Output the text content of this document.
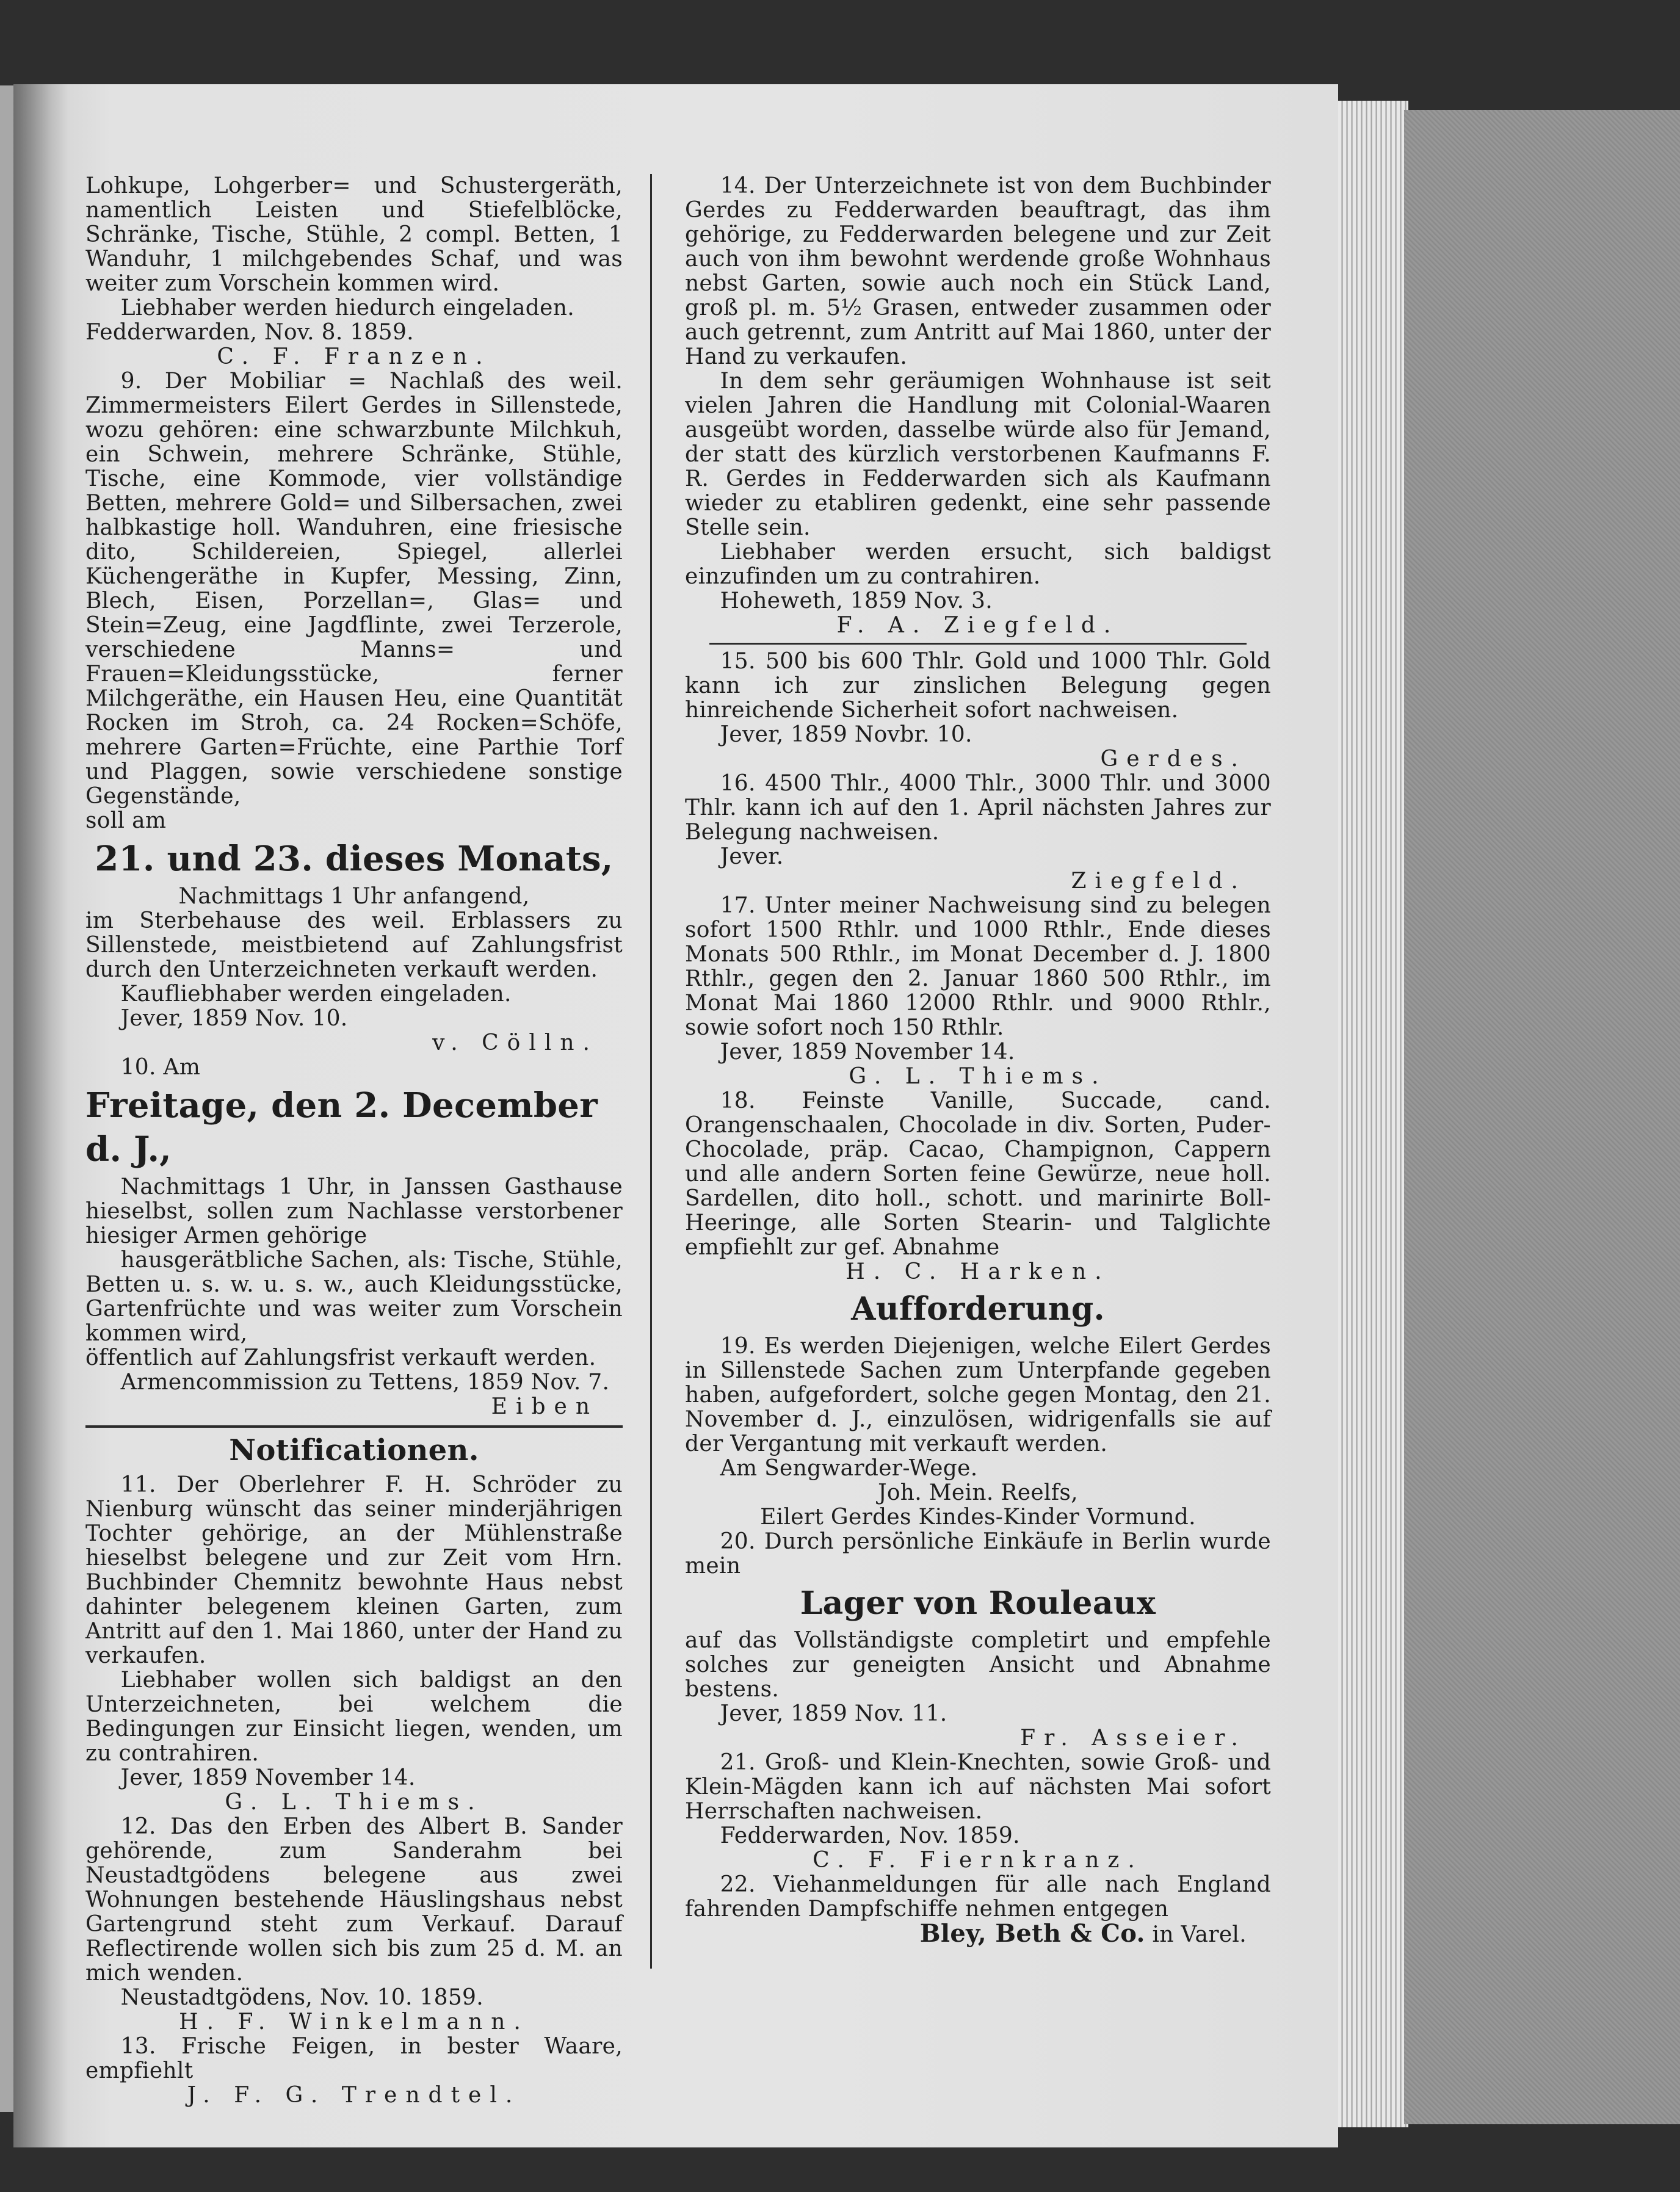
Lohkupe, Lohgerber= und Schustergeräth, namentlich Leisten und Stiefelblöcke, Schränke, Tische, Stühle, 2 compl. Betten, 1 Wanduhr, 1 milchgebendes Schaf, und was weiter zum Vorschein kommen wird.

Liebhaber werden hiedurch eingeladen.

Fedderwarden, Nov. 8. 1859.

C. F. Franzen.

9. Der Mobiliar = Nachlaß des weil. Zimmermeisters Eilert Gerdes in Sillenstede, wozu gehören: eine schwarzbunte Milchkuh, ein Schwein, mehrere Schränke, Stühle, Tische, eine Kommode, vier vollständige Betten, mehrere Gold= und Silbersachen, zwei halbkastige holl. Wanduhren, eine friesische dito, Schildereien, Spiegel, allerlei Küchengeräthe in Kupfer, Messing, Zinn, Blech, Eisen, Porzellan=, Glas= und Stein=Zeug, eine Jagdflinte, zwei Terzerole, verschiedene Manns= und Frauen=Kleidungsstücke, ferner Milchgeräthe, ein Hausen Heu, eine Quantität Rocken im Stroh, ca. 24 Rocken=Schöfe, mehrere Garten=Früchte, eine Parthie Torf und Plaggen, sowie verschiedene sonstige Gegenstände,

soll am

21. und 23. dieses Monats,

Nachmittags 1 Uhr anfangend,

im Sterbehause des weil. Erblassers zu Sillenstede, meistbietend auf Zahlungsfrist durch den Unterzeichneten verkauft werden.

Kaufliebhaber werden eingeladen.

Jever, 1859 Nov. 10.

v. Cölln.

10. Am

Freitage, den 2. December d. J.,

Nachmittags 1 Uhr, in Janssen Gasthause hieselbst, sollen zum Nachlasse verstorbener hiesiger Armen gehörige

hausgerätbliche Sachen, als: Tische, Stühle, Betten u. s. w. u. s. w., auch Kleidungsstücke, Gartenfrüchte und was weiter zum Vorschein kommen wird,

öffentlich auf Zahlungsfrist verkauft werden.

Armencommission zu Tettens, 1859 Nov. 7.

Eiben

Notificationen.

11. Der Oberlehrer F. H. Schröder zu Nienburg wünscht das seiner minderjährigen Tochter gehörige, an der Mühlenstraße hieselbst belegene und zur Zeit vom Hrn. Buchbinder Chemnitz bewohnte Haus nebst dahinter belegenem kleinen Garten, zum Antritt auf den 1. Mai 1860, unter der Hand zu verkaufen.

Liebhaber wollen sich baldigst an den Unterzeichneten, bei welchem die Bedingungen zur Einsicht liegen, wenden, um zu contrahiren.

Jever, 1859 November 14.

G. L. Thiems.

12. Das den Erben des Albert B. Sander gehörende, zum Sanderahm bei Neustadtgödens belegene aus zwei Wohnungen bestehende Häuslingshaus nebst Gartengrund steht zum Verkauf. Darauf Reflectirende wollen sich bis zum 25 d. M. an mich wenden.

Neustadtgödens, Nov. 10. 1859.

H. F. Winkelmann.

13. Frische Feigen, in bester Waare, empfiehlt

J. F. G. Trendtel.

14. Der Unterzeichnete ist von dem Buchbinder Gerdes zu Fedderwarden beauftragt, das ihm gehörige, zu Fedderwarden belegene und zur Zeit auch von ihm bewohnt werdende große Wohnhaus nebst Garten, sowie auch noch ein Stück Land, groß pl. m. 5½ Grasen, entweder zusammen oder auch getrennt, zum Antritt auf Mai 1860, unter der Hand zu verkaufen.

In dem sehr geräumigen Wohnhause ist seit vielen Jahren die Handlung mit Colonial-Waaren ausgeübt worden, dasselbe würde also für Jemand, der statt des kürzlich verstorbenen Kaufmanns F. R. Gerdes in Fedderwarden sich als Kaufmann wieder zu etabliren gedenkt, eine sehr passende Stelle sein.

Liebhaber werden ersucht, sich baldigst einzufinden um zu contrahiren.

Hoheweth, 1859 Nov. 3.

F. A. Ziegfeld.

15. 500 bis 600 Thlr. Gold und 1000 Thlr. Gold kann ich zur zinslichen Belegung gegen hinreichende Sicherheit sofort nachweisen.

Jever, 1859 Novbr. 10.

Gerdes.

16. 4500 Thlr., 4000 Thlr., 3000 Thlr. und 3000 Thlr. kann ich auf den 1. April nächsten Jahres zur Belegung nachweisen.

Jever.

Ziegfeld.

17. Unter meiner Nachweisung sind zu belegen sofort 1500 Rthlr. und 1000 Rthlr., Ende dieses Monats 500 Rthlr., im Monat December d. J. 1800 Rthlr., gegen den 2. Januar 1860 500 Rthlr., im Monat Mai 1860 12000 Rthlr. und 9000 Rthlr., sowie sofort noch 150 Rthlr.

Jever, 1859 November 14.

G. L. Thiems.

18. Feinste Vanille, Succade, cand. Orangenschaalen, Chocolade in div. Sorten, Puder-Chocolade, präp. Cacao, Champignon, Cappern und alle andern Sorten feine Gewürze, neue holl. Sardellen, dito holl., schott. und marinirte Boll-Heeringe, alle Sorten Stearin- und Talglichte empfiehlt zur gef. Abnahme

H. C. Harken.

Aufforderung.

19. Es werden Diejenigen, welche Eilert Gerdes in Sillenstede Sachen zum Unterpfande gegeben haben, aufgefordert, solche gegen Montag, den 21. November d. J., einzulösen, widrigenfalls sie auf der Vergantung mit verkauft werden.

Am Sengwarder-Wege.

Joh. Mein. Reelfs,

Eilert Gerdes Kindes-Kinder Vormund.

20. Durch persönliche Einkäufe in Berlin wurde mein

Lager von Rouleaux

auf das Vollständigste completirt und empfehle solches zur geneigten Ansicht und Abnahme bestens.

Jever, 1859 Nov. 11.

Fr. Asseier.

21. Groß- und Klein-Knechten, sowie Groß- und Klein-Mägden kann ich auf nächsten Mai sofort Herrschaften nachweisen.

Fedderwarden, Nov. 1859.

C. F. Fiernkranz.

22. Viehanmeldungen für alle nach England fahrenden Dampfschiffe nehmen entgegen

Bley, Beth & Co. in Varel.
